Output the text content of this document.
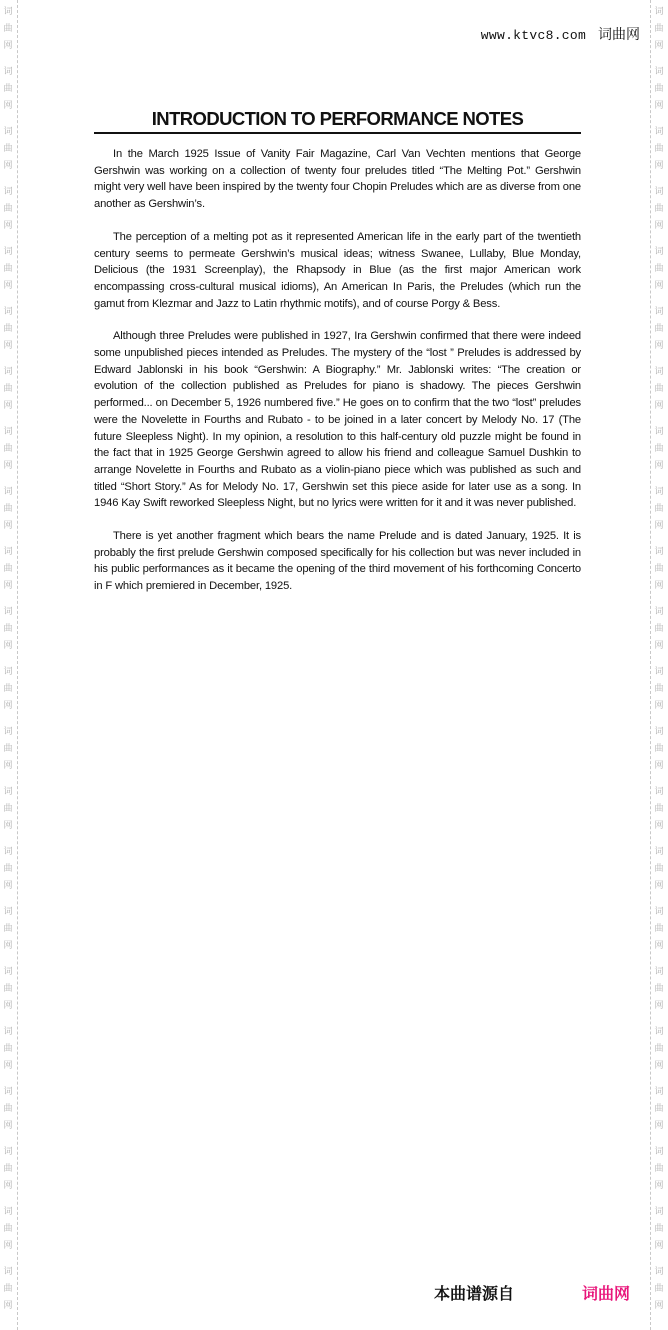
词
曲
网
词
曲
网
词
曲
网
词
曲
网
词
曲
网
词
曲
网
词
曲
网
词
曲
网
词
曲
网
词
曲
网
词
曲
网
词
曲
网
词
曲
网
词
曲
网
词
曲
网
词
曲
网
词
曲
网
词
曲
网
词
曲
网
词
曲
网
词
曲
网
词
曲
网
词
曲
网
词
曲
网
词
曲
网
词
曲
网
词
曲
网
词
曲
网
词
曲
网
词
曲
网
词
曲
网
词
曲
网
词
曲
网
词
曲
网
词
曲
网
词
曲
网
词
曲
网
词
曲
网
词
曲
网
词
曲
网
词
曲
网
词
曲
网
词
曲
网
词
曲
网
www.ktvc8.com 词曲网
INTRODUCTION TO PERFORMANCE NOTES

In the March 1925 Issue of Vanity Fair Magazine, Carl Van Vechten mentions that George Gershwin was working on a collection of twenty four preludes titled “The Melting Pot.” Gershwin might very well have been inspired by the twenty four Chopin Preludes which are as diverse from one another as Gershwin’s.

The perception of a melting pot as it represented American life in the early part of the twentieth century seems to permeate Gershwin’s musical ideas; witness Swanee, Lullaby, Blue Monday, Delicious (the 1931 Screenplay), the Rhapsody in Blue (as the first major American work encompassing cross-cultural musical idioms), An American In Paris, the Preludes (which run the gamut from Klezmar and Jazz to Latin rhythmic motifs), and of course Porgy & Bess.

Although three Preludes were published in 1927, Ira Gershwin confirmed that there were indeed some unpublished pieces intended as Preludes. The mystery of the “lost ” Preludes is addressed by Edward Jablonski in his book “Gershwin: A Biography.” Mr. Jablonski writes: “The creation or evolution of the collection published as Preludes for piano is shadowy. The pieces Gershwin performed... on December 5, 1926 numbered five.” He goes on to confirm that the two “lost” preludes were the Novelette in Fourths and Rubato - to be joined in a later concert by Melody No. 17 (The future Sleepless Night). In my opinion, a resolution to this half-century old puzzle might be found in the fact that in 1925 George Gershwin agreed to allow his friend and colleague Samuel Dushkin to arrange Novelette in Fourths and Rubato as a violin-piano piece which was published as such and titled “Short Story.” As for Melody No. 17, Gershwin set this piece aside for later use as a song. In 1946 Kay Swift reworked Sleepless Night, but no lyrics were written for it and it was never published.

There is yet another fragment which bears the name Prelude and is dated January, 1925. It is probably the first prelude Gershwin composed specifically for his collection but was never included in his public performances as it became the opening of the third movement of his forthcoming Concerto in F which premiered in December, 1925.

本曲谱源自	词曲网
